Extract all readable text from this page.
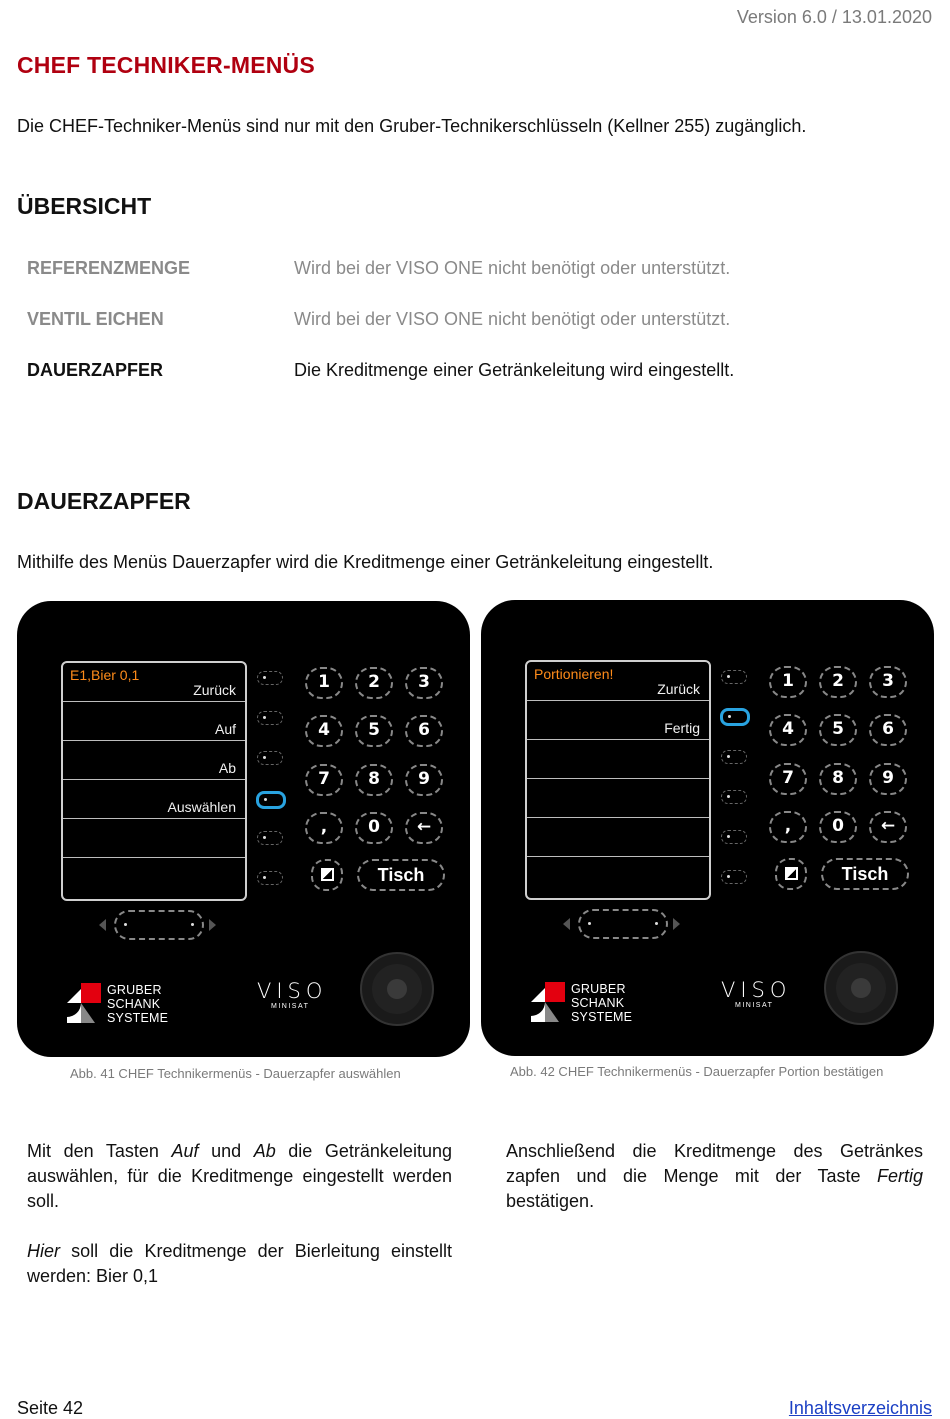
Version 6.0 / 13.01.2020
CHEF TECHNIKER-MENÜS
Die CHEF-Techniker-Menüs sind nur mit den Gruber-Technikerschlüsseln (Kellner 255) zugänglich.
ÜBERSICHT
REFERENZMENGE	Wird bei der VISO ONE nicht benötigt oder unterstützt.
VENTIL EICHEN	Wird bei der VISO ONE nicht benötigt oder unterstützt.
DAUERZAPFER	Die Kreditmenge einer Getränkeleitung wird eingestellt.
DAUERZAPFER
Mithilfe des Menüs Dauerzapfer wird die Kreditmenge einer Getränkeleitung eingestellt.
E1,Bier 0,1
Zurück
Auf
Ab
Auswählen
1	2	3
4	5	6
7	8	9
,	0	←
Tisch
GRUBER
SCHANK
SYSTEME
VISO
MINISAT
Abb. 41 CHEF Technikermenüs - Dauerzapfer auswählen
Portionieren!
Zurück
Fertig
1	2	3
4	5	6
7	8	9
,	0	←
Tisch
GRUBER
SCHANK
SYSTEME
VISO
MINISAT
Abb. 42 CHEF Technikermenüs - Dauerzapfer Portion bestätigen

Mit den Tasten Auf und Ab die Getränkeleitung auswählen, für die Kreditmenge eingestellt werden soll.

Hier soll die Kreditmenge der Bierleitung einstellt werden: Bier 0,1

Anschließend die Kreditmenge des Getränkes zapfen und die Menge mit der Taste Fertig bestätigen.

Seite 42	Inhaltsverzeichnis
